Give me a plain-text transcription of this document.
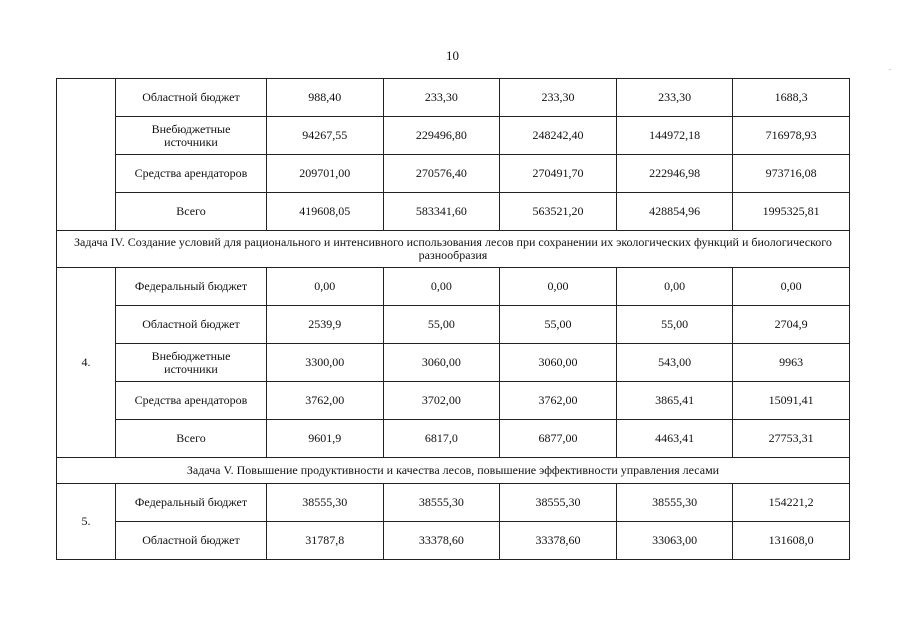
10
.
	Областной бюджет	988,40	233,30	233,30	233,30	1688,3
	Внебюджетные
источники	94267,55	229496,80	248242,40	144972,18	716978,93
	Средства арендаторов	209701,00	270576,40	270491,70	222946,98	973716,08
	Всего	419608,05	583341,60	563521,20	428854,96	1995325,81
Задача IV. Создание условий для рационального и интенсивного использования лесов при сохранении их экологических функций и биологического разнообразия						
4.	Федеральный бюджет	0,00	0,00	0,00	0,00	0,00
	Областной бюджет	2539,9	55,00	55,00	55,00	2704,9
	Внебюджетные
источники	3300,00	3060,00	3060,00	543,00	9963
	Средства арендаторов	3762,00	3702,00	3762,00	3865,41	15091,41
	Всего	9601,9	6817,0	6877,00	4463,41	27753,31
Задача V. Повышение продуктивности и качества лесов, повышение эффективности управления лесами						
5.	Федеральный бюджет	38555,30	38555,30	38555,30	38555,30	154221,2
	Областной бюджет	31787,8	33378,60	33378,60	33063,00	131608,0
